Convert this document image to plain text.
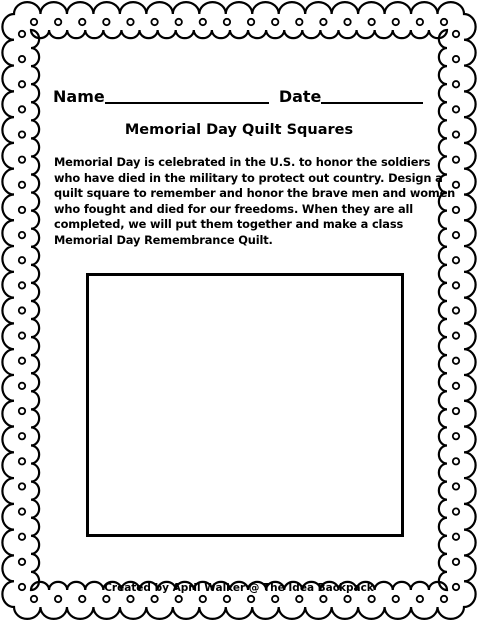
Name	Date
Memorial Day Quilt Squares
Memorial Day is celebrated in the U.S. to honor the soldiers
who have died in the military to protect out country. Design a
quilt square to remember and honor the brave men and women
who fought and died for our freedoms. When they are all
completed, we will put them together and make a class
Memorial Day Remembrance Quilt.
Created by April Walker @ The Idea Backpack
